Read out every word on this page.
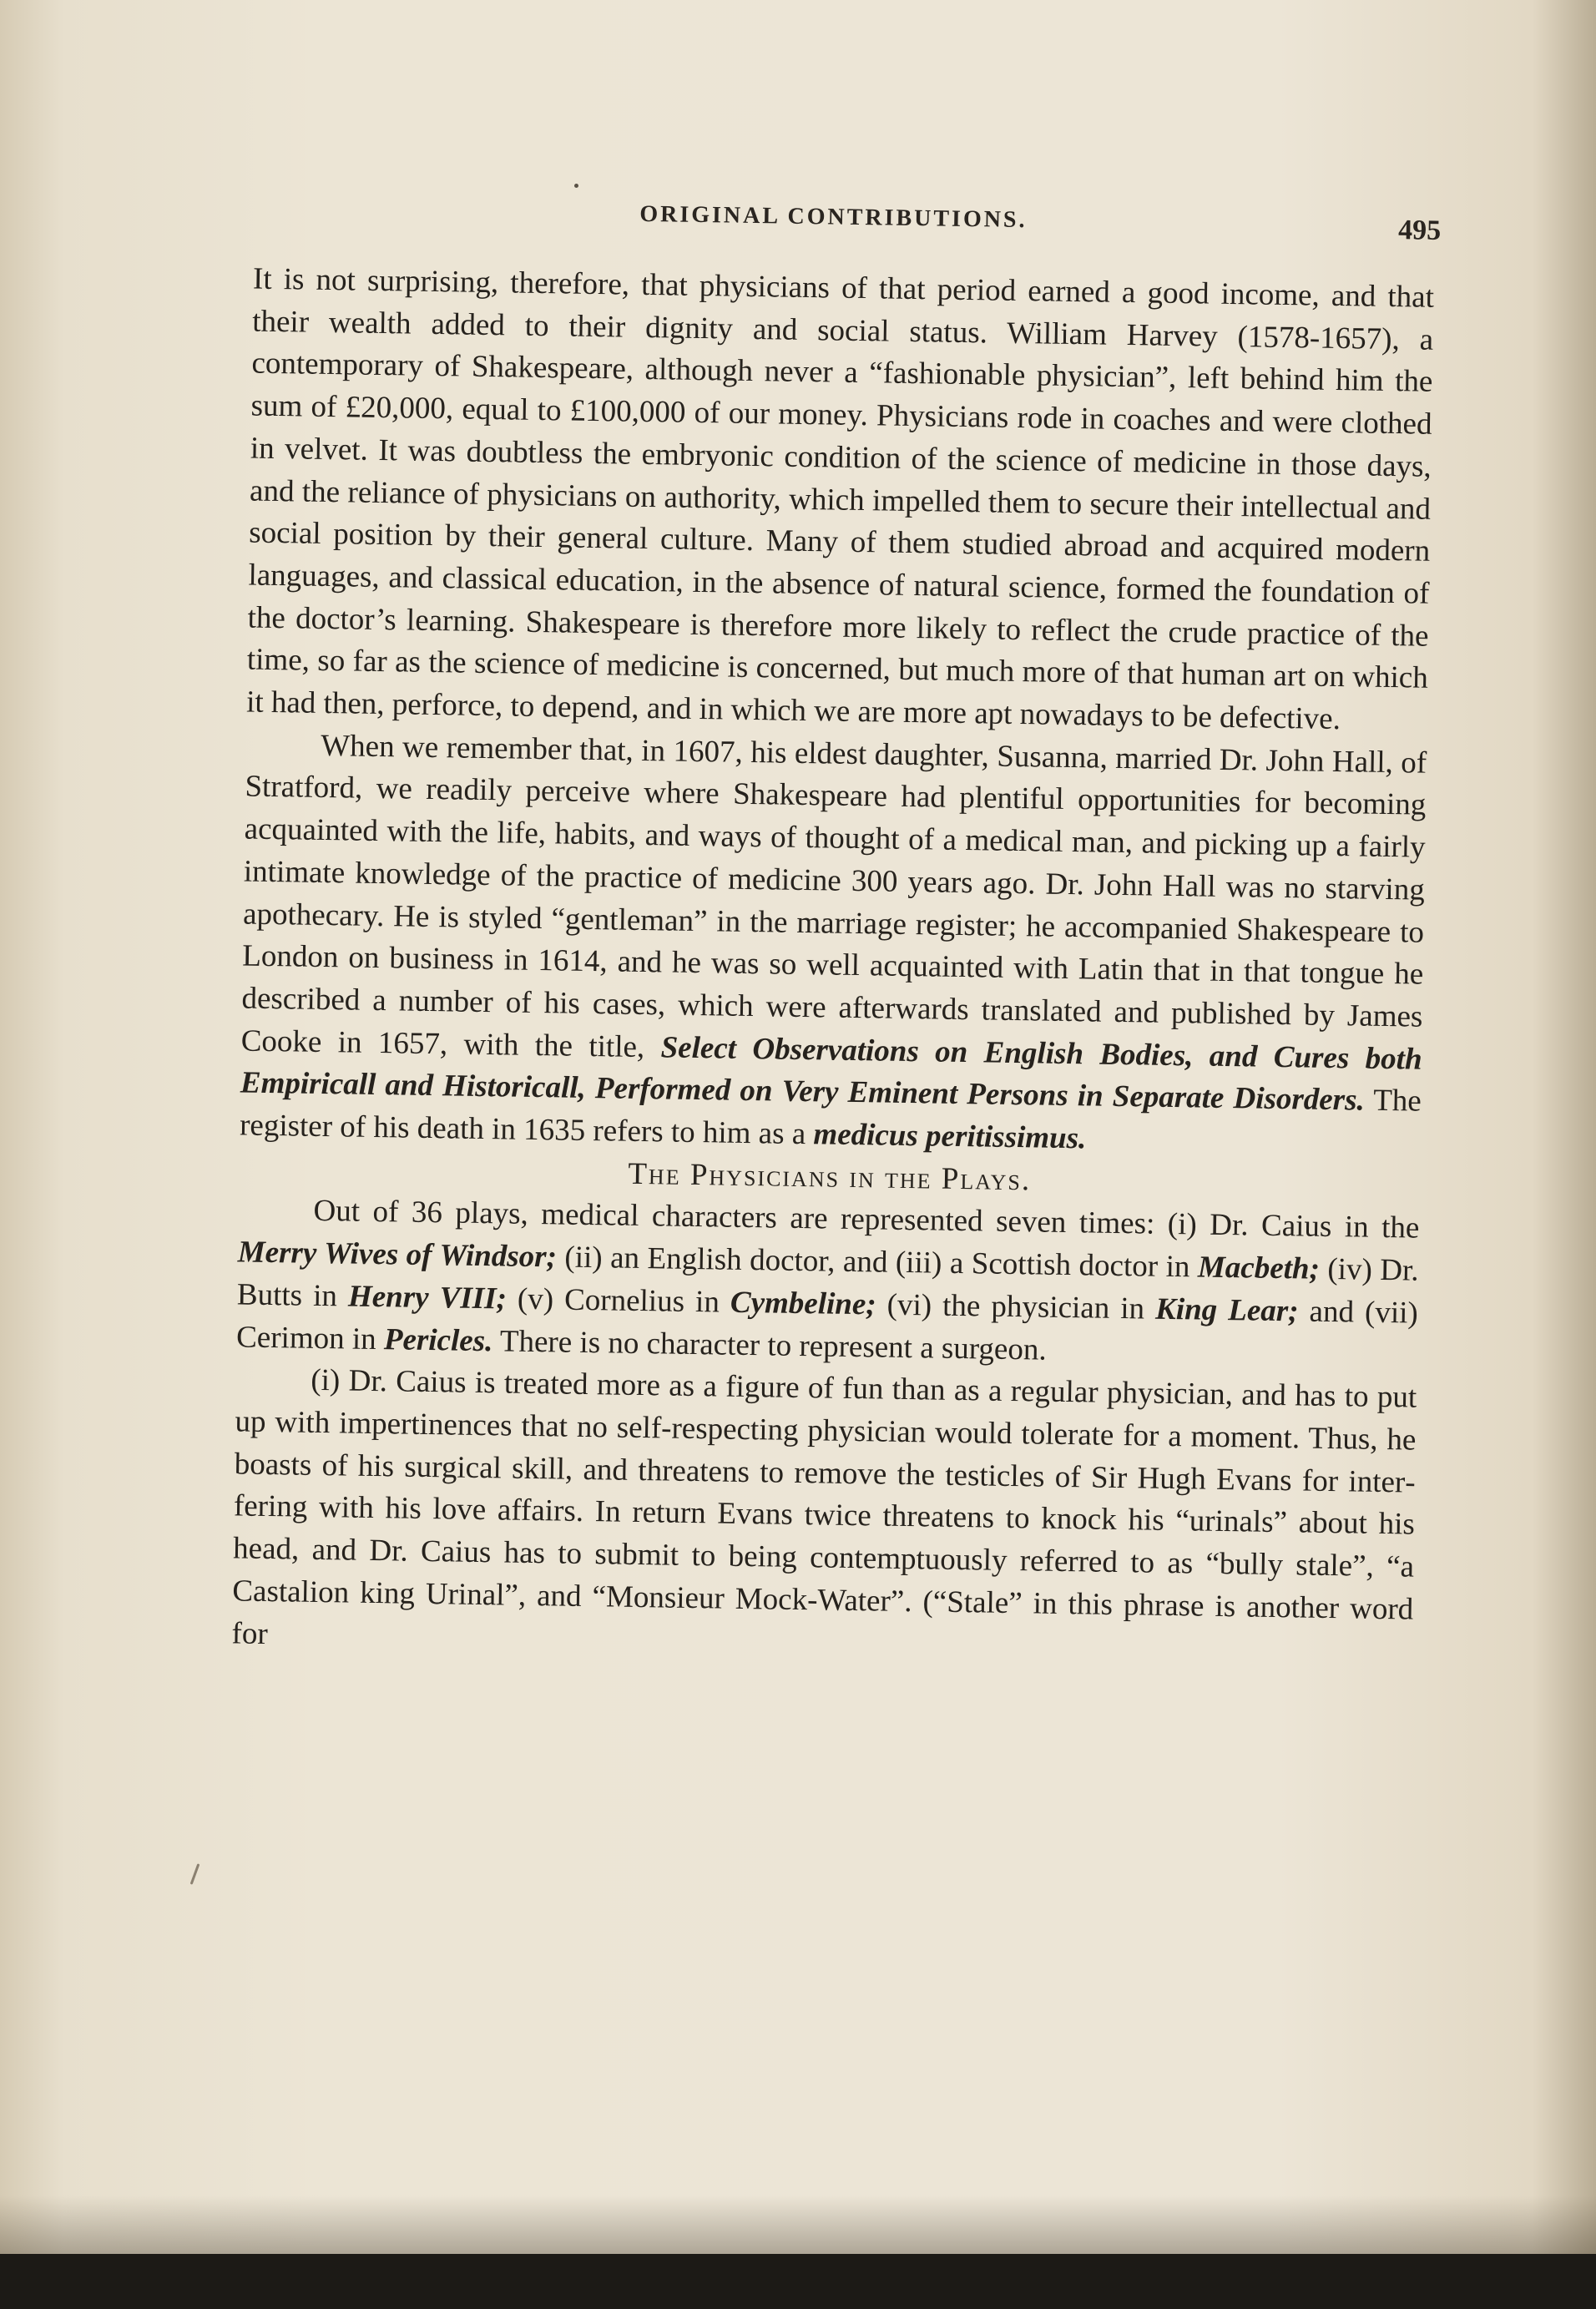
ORIGINAL CONTRIBUTIONS.	495

It is not surprising, therefore, that physicians of that period earned a good income, and that their wealth added to their dignity and social status. William Harvey (1578-1657), a contemporary of Shakespeare, although never a “fashionable physician”, left behind him the sum of £20,000, equal to £100,000 of our money. Physicians rode in coaches and were clothed in velvet. It was doubtless the embryonic condition of the science of medicine in those days, and the reliance of physicians on authority, which impelled them to secure their intellectual and social position by their general culture. Many of them studied abroad and acquired modern languages, and classical education, in the absence of natural science, formed the foundation of the doctor’s learning. Shakespeare is therefore more likely to reflect the crude practice of the time, so far as the science of medicine is concerned, but much more of that human art on which it had then, perforce, to depend, and in which we are more apt nowadays to be defective.

When we remember that, in 1607, his eldest daughter, Susanna, married Dr. John Hall, of Stratford, we readily perceive where Shakespeare had plentiful opportunities for becoming acquainted with the life, habits, and ways of thought of a medical man, and picking up a fairly intimate knowledge of the practice of medicine 300 years ago. Dr. John Hall was no starving apothecary. He is styled “gentleman” in the marriage register; he accompanied Shakespeare to London on business in 1614, and he was so well acquainted with Latin that in that tongue he described a number of his cases, which were afterwards translated and published by James Cooke in 1657, with the title, Select Observations on English Bodies, and Cures both Empiricall and Historicall, Performed on Very Eminent Persons in Separate Disorders. The register of his death in 1635 refers to him as a medicus peritissimus.

The Physicians in the Plays.

Out of 36 plays, medical characters are represented seven times: (i) Dr. Caius in the Merry Wives of Windsor; (ii) an English doctor, and (iii) a Scottish doctor in Macbeth; (iv) Dr. Butts in Henry VIII; (v) Cornelius in Cymbeline; (vi) the physician in King Lear; and (vii) Cerimon in Pericles. There is no character to represent a surgeon.

(i) Dr. Caius is treated more as a figure of fun than as a regular physician, and has to put up with impertinences that no self-respecting physician would tolerate for a moment. Thus, he boasts of his surgical skill, and threatens to remove the testicles of Sir Hugh Evans for interfering with his love affairs. In return Evans twice threatens to knock his “urinals” about his head, and Dr. Caius has to submit to being contemptuously referred to as “bully stale”, “a Castalion king Urinal”, and “Monsieur Mock-Water”. (“Stale” in this phrase is another word for
